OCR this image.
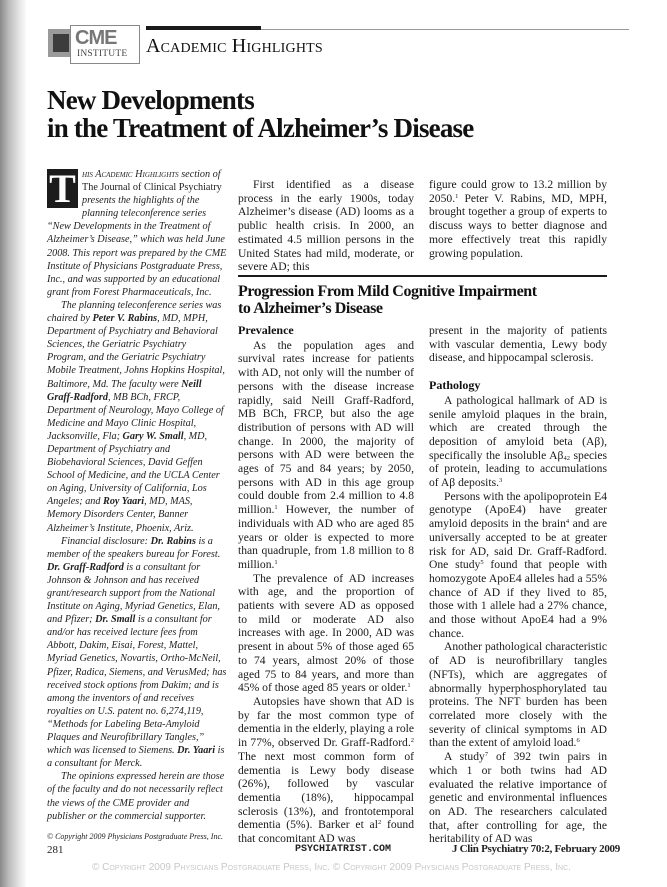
CME
INSTITUTE Academic Highlights
New Developments
in the Treatment of Alzheimer’s Disease

T his Academic Highlights section of The Journal of Clinical Psychiatry presents the highlights of the planning teleconference series “New Developments in the Treatment of Alzheimer’s Disease,” which was held June 2008. This report was prepared by the CME Institute of Physicians Postgraduate Press, Inc., and was supported by an educational grant from Forest Pharmaceuticals, Inc.

The planning teleconference series was chaired by Peter V. Rabins, MD, MPH, Department of Psychiatry and Behavioral Sciences, the Geriatric Psychiatry Program, and the Geriatric Psychiatry Mobile Treatment, Johns Hopkins Hospital, Baltimore, Md. The faculty were Neill Graff-Radford, MB BCh, FRCP, Department of Neurology, Mayo College of Medicine and Mayo Clinic Hospital, Jacksonville, Fla; Gary W. Small, MD, Department of Psychiatry and Biobehavioral Sciences, David Geffen School of Medicine, and the UCLA Center on Aging, University of California, Los Angeles; and Roy Yaari, MD, MAS, Memory Disorders Center, Banner Alzheimer’s Institute, Phoenix, Ariz.

Financial disclosure: Dr. Rabins is a member of the speakers bureau for Forest. Dr. Graff-Radford is a consultant for Johnson & Johnson and has received grant/research support from the National Institute on Aging, Myriad Genetics, Elan, and Pfizer; Dr. Small is a consultant for and/or has received lecture fees from Abbott, Dakim, Eisai, Forest, Mattel, Myriad Genetics, Novartis, Ortho-McNeil, Pfizer, Radica, Siemens, and VerusMed; has received stock options from Dakim; and is among the inventors of and receives royalties on U.S. patent no. 6,274,119, “Methods for Labeling Beta-Amyloid Plaques and Neurofibrillary Tangles,” which was licensed to Siemens. Dr. Yaari is a consultant for Merck.

The opinions expressed herein are those of the faculty and do not necessarily reflect the views of the CME provider and publisher or the commercial supporter.

© Copyright 2009 Physicians Postgraduate Press, Inc.

First identified as a disease process in the early 1900s, today Alzheimer’s disease (AD) looms as a public health crisis. In 2000, an estimated 4.5 million persons in the United States had mild, moderate, or severe AD; this

figure could grow to 13.2 million by 2050.$^1$ Peter V. Rabins, MD, MPH, brought together a group of experts to discuss ways to better diagnose and more effectively treat this rapidly growing population.

Progression From Mild Cognitive Impairment
to Alzheimer’s Disease

Prevalence

As the population ages and survival rates increase for patients with AD, not only will the number of persons with the disease increase rapidly, said Neill Graff-Radford, MB BCh, FRCP, but also the age distribution of persons with AD will change. In 2000, the majority of persons with AD were between the ages of 75 and 84 years; by 2050, persons with AD in this age group could double from 2.4 million to 4.8 million.$^1$ However, the number of individuals with AD who are aged 85 years or older is expected to more than quadruple, from 1.8 million to 8 million.$^1$

The prevalence of AD increases with age, and the proportion of patients with severe AD as opposed to mild or moderate AD also increases with age. In 2000, AD was present in about 5% of those aged 65 to 74 years, almost 20% of those aged 75 to 84 years, and more than 45% of those aged 85 years or older.$^1$

Autopsies have shown that AD is by far the most common type of dementia in the elderly, playing a role in 77%, observed Dr. Graff-Radford.$^2$ The next most common form of dementia is Lewy body disease (26%), followed by vascular dementia (18%), hippocampal sclerosis (13%), and frontotemporal dementia (5%). Barker et $al^2$ found that concomitant AD was

present in the majority of patients with vascular dementia, Lewy body disease, and hippocampal sclerosis.

Pathology

A pathological hallmark of AD is senile amyloid plaques in the brain, which are created through the deposition of amyloid beta (Aβ), specifically the insoluble $A\beta_{42}$ species of protein, leading to accumulations of Aβ deposits.$^3$

Persons with the apolipoprotein E4 genotype (ApoE4) have greater amyloid deposits in the brain$^4$ and are universally accepted to be at greater risk for AD, said Dr. Graff-Radford. One study$^5$ found that people with homozygote ApoE4 alleles had a 55% chance of AD if they lived to 85, those with 1 allele had a 27% chance, and those without ApoE4 had a 9% chance.

Another pathological characteristic of AD is neurofibrillary tangles (NFTs), which are aggregates of abnormally hyperphosphorylated tau proteins. The NFT burden has been correlated more closely with the severity of clinical symptoms in AD than the extent of amyloid load.$^6$

A study$^7$ of 392 twin pairs in which 1 or both twins had AD evaluated the relative importance of genetic and environmental influences on AD. The researchers calculated that, after controlling for age, the heritability of AD was

281	PSYCHIATRIST.COM	J Clin Psychiatry 70:2, February 2009
© Copyright 2009 Physicians Postgraduate Press, Inc. © Copyright 2009 Physicians Postgraduate Press, Inc.
